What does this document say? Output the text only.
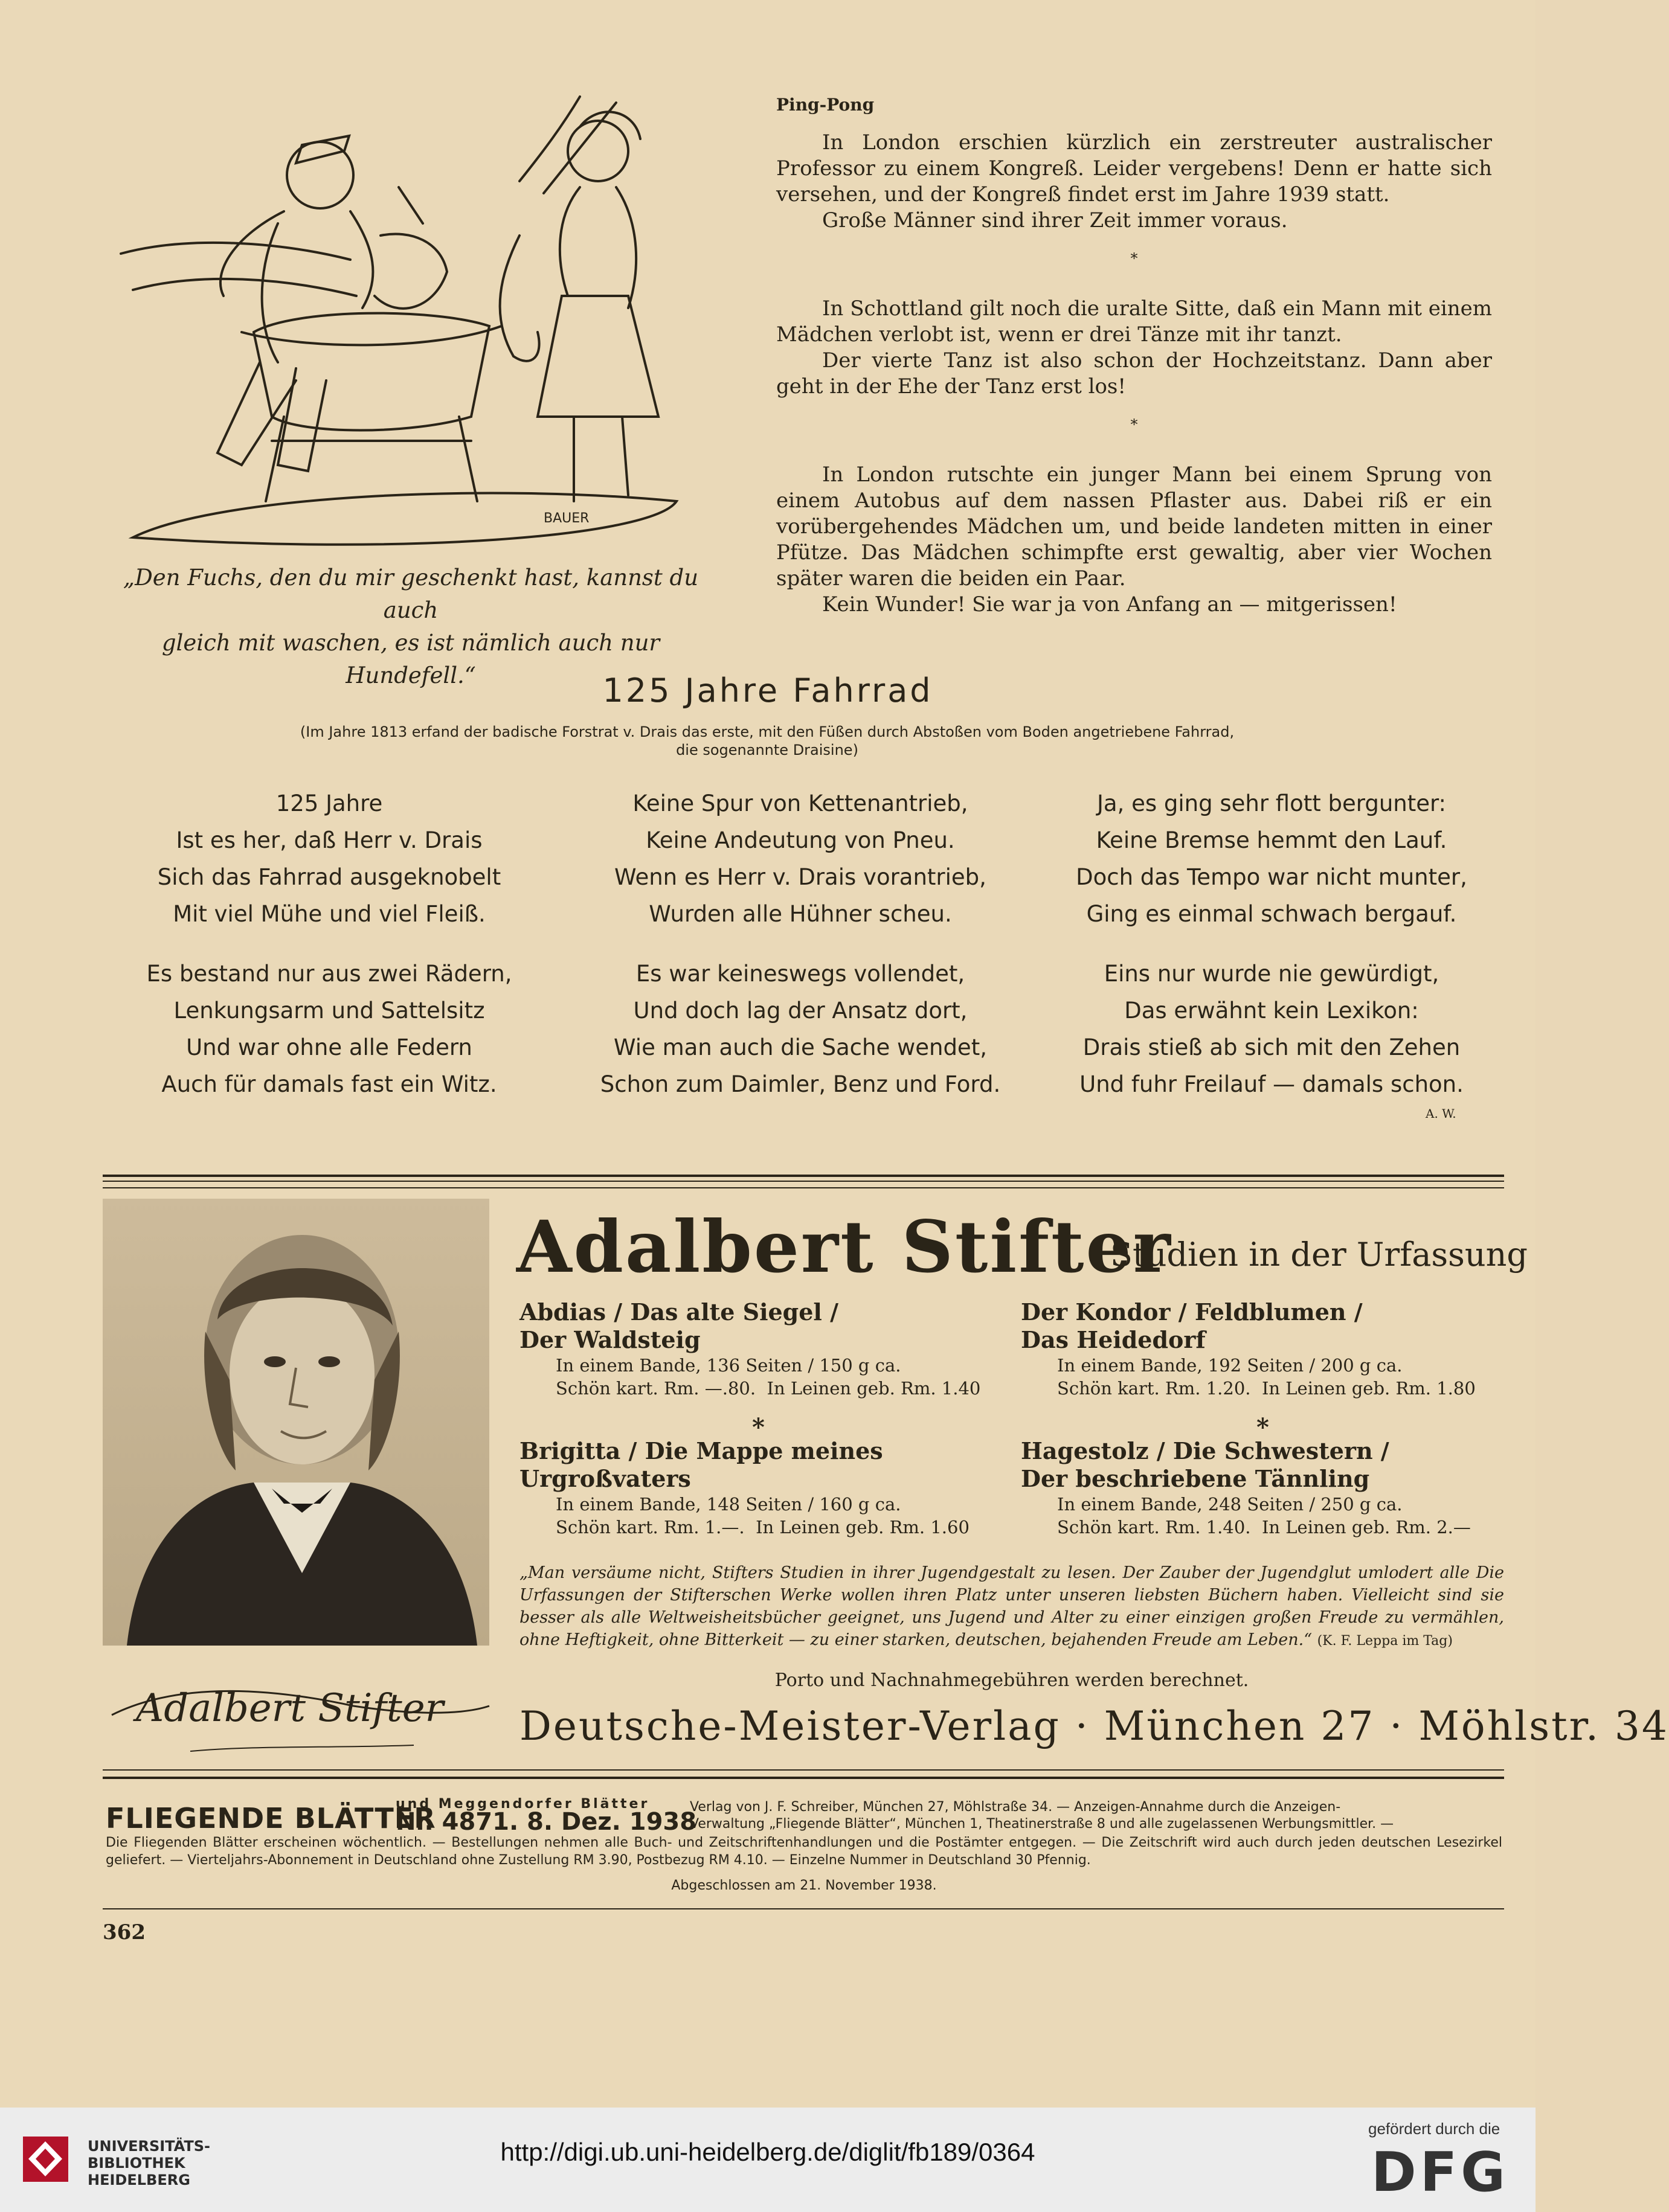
BAUER
„Den Fuchs, den du mir geschenkt hast, kannst du auch
gleich mit waschen, es ist nämlich auch nur Hundefell.“
Ping-Pong

In London erschien kürzlich ein zerstreuter australischer Professor zu einem Kongreß. Leider vergebens! Denn er hatte sich versehen, und der Kongreß findet erst im Jahre 1939 statt.

Große Männer sind ihrer Zeit immer voraus.

*

In Schottland gilt noch die uralte Sitte, daß ein Mann mit einem Mädchen verlobt ist, wenn er drei Tänze mit ihr tanzt.

Der vierte Tanz ist also schon der Hochzeitstanz. Dann aber geht in der Ehe der Tanz erst los!

*

In London rutschte ein junger Mann bei einem Sprung von einem Autobus auf dem nassen Pflaster aus. Dabei riß er ein vorübergehendes Mädchen um, und beide landeten mitten in einer Pfütze. Das Mädchen schimpfte erst gewaltig, aber vier Wochen später waren die beiden ein Paar.

Kein Wunder! Sie war ja von Anfang an — mitgerissen!

125 Jahre Fahrrad
(Im Jahre 1813 erfand der badische Forstrat v. Drais das erste, mit den Füßen durch Abstoßen vom Boden angetriebene Fahrrad,
die sogenannte Draisine)
125 Jahre
Ist es her, daß Herr v. Drais
Sich das Fahrrad ausgeknobelt
Mit viel Mühe und viel Fleiß.
Keine Spur von Kettenantrieb,
Keine Andeutung von Pneu.
Wenn es Herr v. Drais vorantrieb,
Wurden alle Hühner scheu.
Ja, es ging sehr flott bergunter:
Keine Bremse hemmt den Lauf.
Doch das Tempo war nicht munter,
Ging es einmal schwach bergauf.
Es bestand nur aus zwei Rädern,
Lenkungsarm und Sattelsitz
Und war ohne alle Federn
Auch für damals fast ein Witz.
Es war keineswegs vollendet,
Und doch lag der Ansatz dort,
Wie man auch die Sache wendet,
Schon zum Daimler, Benz und Ford.
Eins nur wurde nie gewürdigt,
Das erwähnt kein Lexikon:
Drais stieß ab sich mit den Zehen
Und fuhr Freilauf — damals schon.
A. W.
Adalbert Stifter
Adalbert Stifter
Studien in der Urfassung
Abdias / Das alte Siegel /
Der Waldsteig
In einem Bande, 136 Seiten / 150 g ca.
Schön kart. Rm. —.80. In Leinen geb. Rm. 1.40
Der Kondor / Feldblumen /
Das Heidedorf
In einem Bande, 192 Seiten / 200 g ca.
Schön kart. Rm. 1.20. In Leinen geb. Rm. 1.80
*	*
Brigitta / Die Mappe meines
Urgroßvaters
In einem Bande, 148 Seiten / 160 g ca.
Schön kart. Rm. 1.—. In Leinen geb. Rm. 1.60
Hagestolz / Die Schwestern /
Der beschriebene Tännling
In einem Bande, 248 Seiten / 250 g ca.
Schön kart. Rm. 1.40. In Leinen geb. Rm. 2.—
„Man versäume nicht, Stifters Studien in ihrer Jugendgestalt zu lesen. Der Zauber der Jugendglut umlodert alle Die Urfassungen der Stifterschen Werke wollen ihren Platz unter unseren liebsten Büchern haben. Vielleicht sind sie besser als alle Weltweisheitsbücher geeignet, uns Jugend und Alter zu einer einzigen großen Freude zu vermählen, ohne Heftigkeit, ohne Bitterkeit — zu einer starken, deutschen, bejahenden Freude am Leben.“ (K. F. Leppa im Tag)
Porto und Nachnahmegebühren werden berechnet.
Deutsche-Meister-Verlag · München 27 · Möhlstr. 34
FLIEGENDE BLÄTTER
und Meggendorfer Blätter
Nr. 4871. 8. Dez. 1938
Verlag von J. F. Schreiber, München 27, Möhlstraße 34. — Anzeigen-Annahme durch die Anzeigen-
Verwaltung „Fliegende Blätter“, München 1, Theatinerstraße 8 und alle zugelassenen Werbungsmittler. —
Die Fliegenden Blätter erscheinen wöchentlich. — Bestellungen nehmen alle Buch- und Zeitschriftenhandlungen und die Postämter entgegen. — Die Zeitschrift wird auch durch jeden deutschen Lesezirkel geliefert. — Vierteljahrs-Abonnement in Deutschland ohne Zustellung RM 3.90, Postbezug RM 4.10. — Einzelne Nummer in Deutschland 30 Pfennig.
Abgeschlossen am 21. November 1938.
362
UNIVERSITÄTS-
BIBLIOTHEK
HEIDELBERG
http://digi.ub.uni-heidelberg.de/diglit/fb189/0364
gefördert durch die
DFG
